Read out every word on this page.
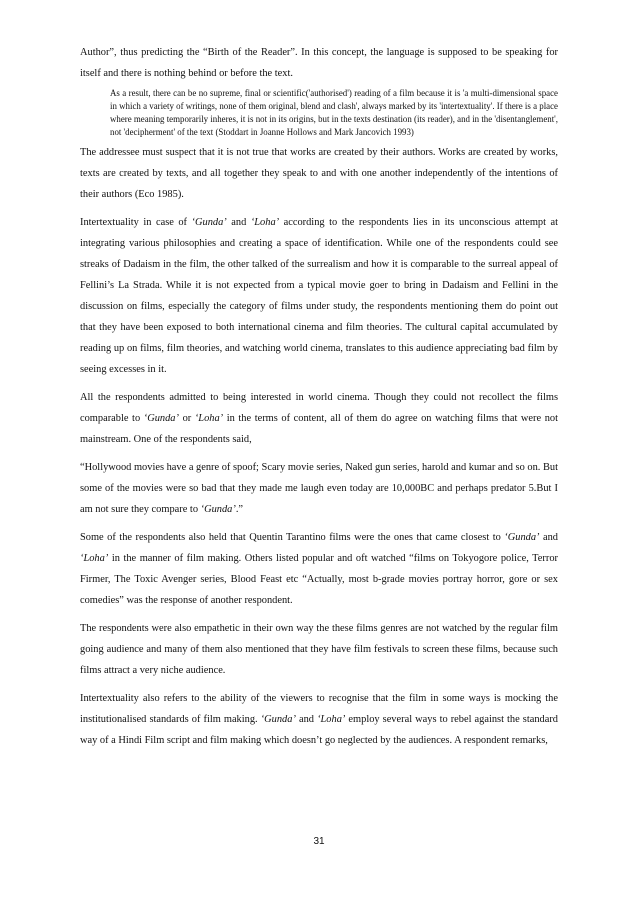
Author”, thus predicting the “Birth of the Reader”. In this concept, the language is supposed to be speaking for itself and there is nothing behind or before the text.

As a result, there can be no supreme, final or scientific('authorised') reading of a film because it is 'a multi-dimensional space in which a variety of writings, none of them original, blend and clash', always marked by its 'intertextuality'. If there is a place where meaning temporarily inheres, it is not in its origins, but in the texts destination (its reader), and in the 'disentanglement', not 'decipherment' of the text (Stoddart in Joanne Hollows and Mark Jancovich 1993)

The addressee must suspect that it is not true that works are created by their authors. Works are created by works, texts are created by texts, and all together they speak to and with one another independently of the intentions of their authors (Eco 1985).

Intertextuality in case of ‘Gunda’ and ‘Loha’ according to the respondents lies in its unconscious attempt at integrating various philosophies and creating a space of identification. While one of the respondents could see streaks of Dadaism in the film, the other talked of the surrealism and how it is comparable to the surreal appeal of Fellini’s La Strada. While it is not expected from a typical movie goer to bring in Dadaism and Fellini in the discussion on films, especially the category of films under study, the respondents mentioning them do point out that they have been exposed to both international cinema and film theories. The cultural capital accumulated by reading up on films, film theories, and watching world cinema, translates to this audience appreciating bad film by seeing excesses in it.

All the respondents admitted to being interested in world cinema. Though they could not recollect the films comparable to ‘Gunda’ or ‘Loha’ in the terms of content, all of them do agree on watching films that were not mainstream. One of the respondents said,

“Hollywood movies have a genre of spoof; Scary movie series, Naked gun series, harold and kumar and so on. But some of the movies were so bad that they made me laugh even today are 10,000BC and perhaps predator 5.But I am not sure they compare to ‘Gunda’.”

Some of the respondents also held that Quentin Tarantino films were the ones that came closest to ‘Gunda’ and ‘Loha’ in the manner of film making. Others listed popular and oft watched “films on Tokyogore police, Terror Firmer, The Toxic Avenger series, Blood Feast etc “Actually, most b-grade movies portray horror, gore or sex comedies” was the response of another respondent.

The respondents were also empathetic in their own way the these films genres are not watched by the regular film going audience and many of them also mentioned that they have film festivals to screen these films, because such films attract a very niche audience.

Intertextuality also refers to the ability of the viewers to recognise that the film in some ways is mocking the institutionalised standards of film making. ‘Gunda’ and ‘Loha’ employ several ways to rebel against the standard way of a Hindi Film script and film making which doesn’t go neglected by the audiences. A respondent remarks,

31
